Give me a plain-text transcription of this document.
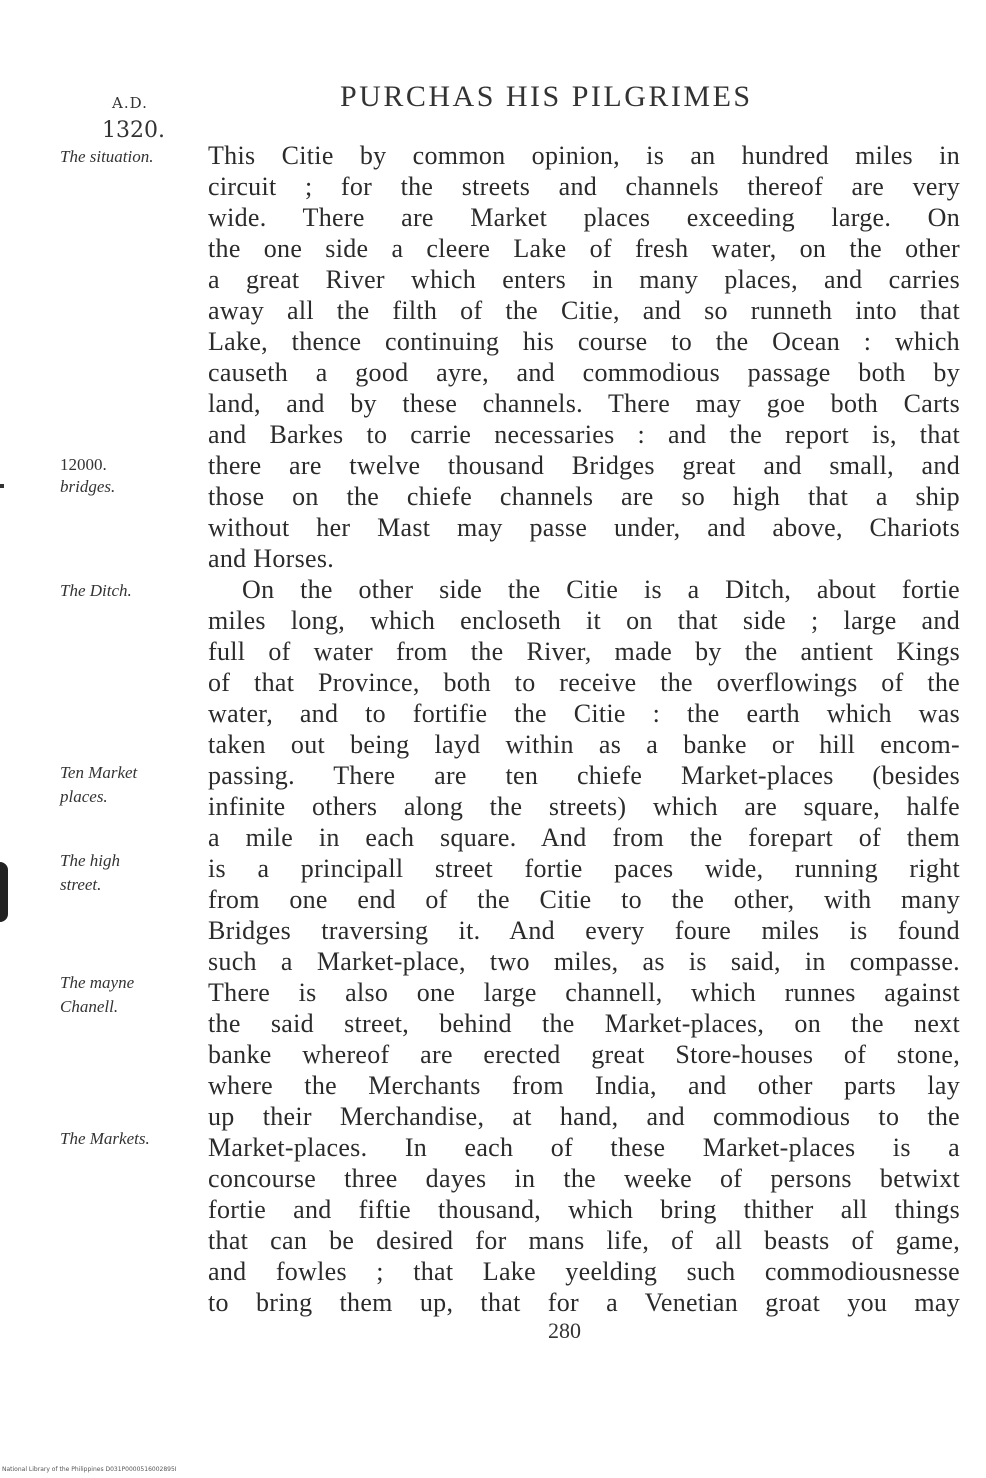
A.D.
1320.
PURCHAS HIS PILGRIMES
The situation.
12000.
bridges.
The Ditch.
Ten Market
places.
The high
street.
The mayne
Chanell.
The Markets.
This Citie by common opinion, is an hundred miles in
circuit ; for the streets and channels thereof are very
wide. There are Market places exceeding large. On
the one side a cleere Lake of fresh water, on the other
a great River which enters in many places, and carries
away all the filth of the Citie, and so runneth into that
Lake, thence continuing his course to the Ocean : which
causeth a good ayre, and commodious passage both by
land, and by these channels. There may goe both Carts
and Barkes to carrie necessaries : and the report is, that
there are twelve thousand Bridges great and small, and
those on the chiefe channels are so high that a ship
without her Mast may passe under, and above, Chariots
and Horses.
On the other side the Citie is a Ditch, about fortie
miles long, which encloseth it on that side ; large and
full of water from the River, made by the antient Kings
of that Province, both to receive the overflowings of the
water, and to fortifie the Citie : the earth which was
taken out being layd within as a banke or hill encom-
passing. There are ten chiefe Market-places (besides
infinite others along the streets) which are square, halfe
a mile in each square. And from the forepart of them
is a principall street fortie paces wide, running right
from one end of the Citie to the other, with many
Bridges traversing it. And every foure miles is found
such a Market-place, two miles, as is said, in compasse.
There is also one large channell, which runnes against
the said street, behind the Market-places, on the next
banke whereof are erected great Store-houses of stone,
where the Merchants from India, and other parts lay
up their Merchandise, at hand, and commodious to the
Market-places. In each of these Market-places is a
concourse three dayes in the weeke of persons betwixt
fortie and fiftie thousand, which bring thither all things
that can be desired for mans life, of all beasts of game,
and fowles ; that Lake yeelding such commodiousnesse
to bring them up, that for a Venetian groat you may
280
National Library of the Philippines D031P0000516002895I
